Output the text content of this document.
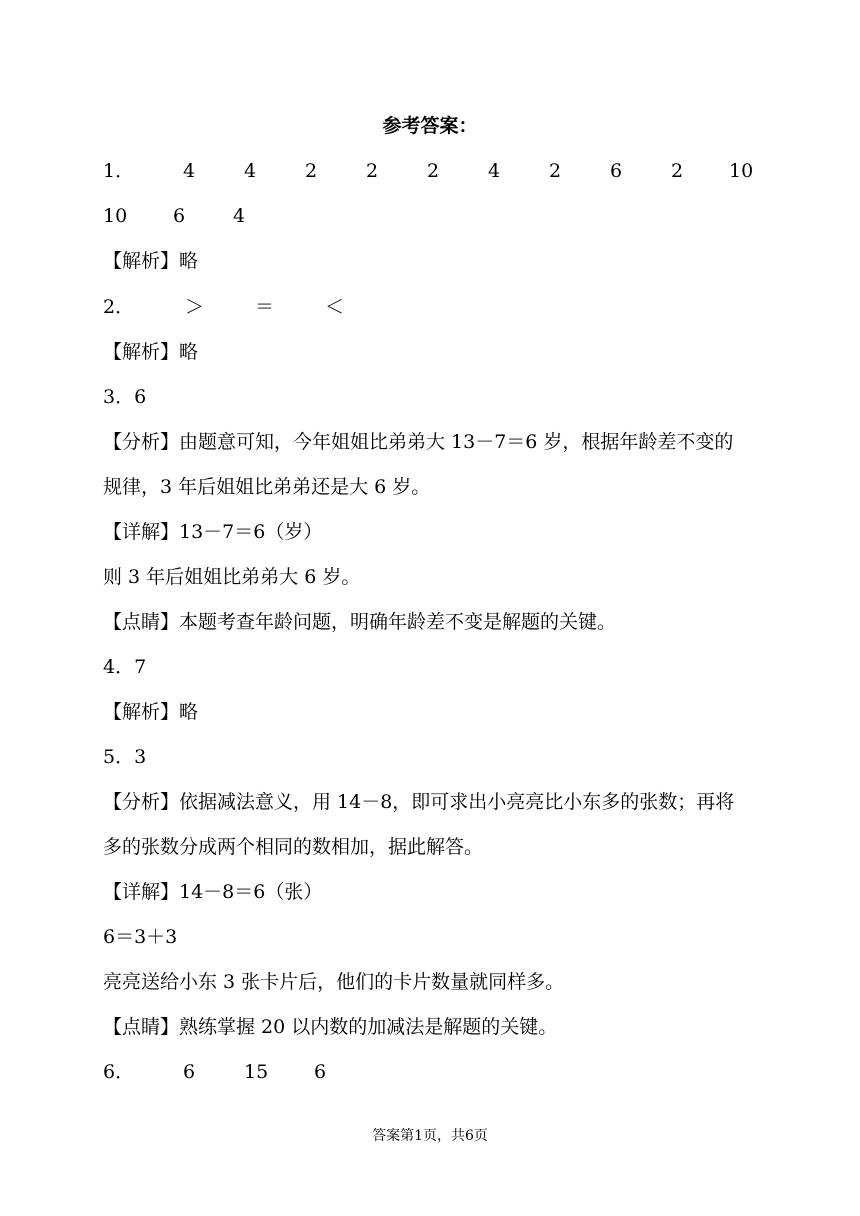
参考答案：
1．	4	4	2	2	2	4	2	6	2 10
10 6	4
【解析】略
2．	＞	＝	＜
【解析】略
3．6
【分析】由题意可知，今年姐姐比弟弟大 13－7＝6 岁，根据年龄差不变的
规律，3 年后姐姐比弟弟还是大 6 岁。
【详解】13－7＝6（岁）
则 3 年后姐姐比弟弟大 6 岁。
【点睛】本题考查年龄问题，明确年龄差不变是解题的关键。
4．7
【解析】略
5．3
【分析】依据减法意义，用 14－8，即可求出小亮亮比小东多的张数；再将
多的张数分成两个相同的数相加，据此解答。
【详解】14－8＝6（张）
6＝3＋3
亮亮送给小东 3 张卡片后，他们的卡片数量就同样多。
【点睛】熟练掌握 20 以内数的加减法是解题的关键。
6．	6	15 6
答案第1页，共6页
